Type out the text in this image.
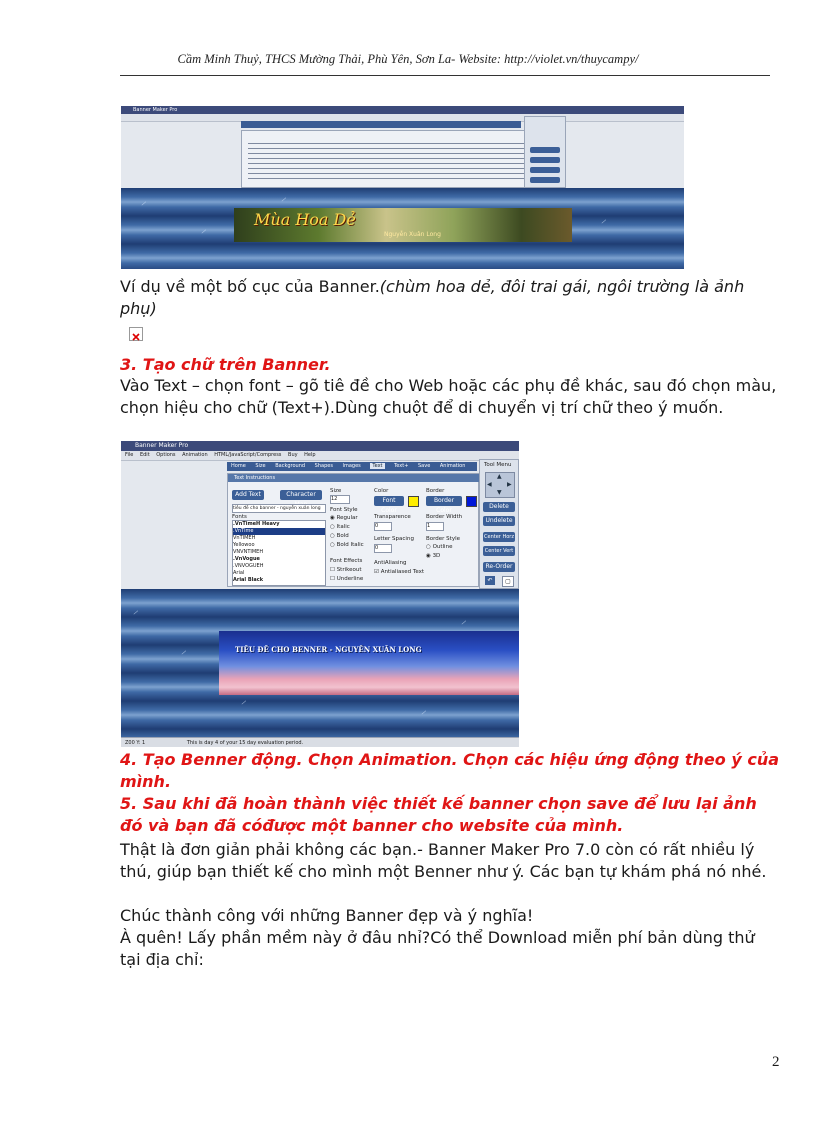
Cầm Minh Thuỷ, THCS Mường Thải, Phù Yên, Sơn La- Website: http://violet.vn/thuycampy/
Banner Maker Pro
—
—
—
—
Mùa Hoa Dẻ
Nguyễn Xuân Long
Ví dụ về một bố cục của Banner.(chùm hoa dẻ, đôi trai gái, ngôi trường là ảnh phụ)
3. Tạo chữ trên Banner.
Vào Text – chọn font – gõ tiê đề cho Web hoặc các phụ đề khác, sau đó chọn màu, chọn hiệu cho chữ (Text+).Dùng chuột để di chuyển vị trí chữ theo ý muốn.
Banner Maker Pro
File Edit Options Animation HTML/JavaScript/Compress Buy Help
Home Size Background Shapes Images Text Text+ Save Animation
Text Instructions
Add Text	Character
tiêu đề cho banner - nguyễn xuân long
Fonts
.VnTimeH Heavy
.VnTime
VnTIMEH
Yellowoo
VNVNTIMEH
.VnVogue
.VNVOGUEH
Arial
Arial Black
Size
12
Font Style
◉ Regular
○ Italic
○ Bold
○ Bold Italic
Font Effects
☐ Strikeout
☐ Underline
Color
Font Color
Transparence
0
Letter Spacing
0
AntiAliasing
☑ Antialiased Text
Border
Border Color
Border Width
1
Border Style
○ Outline
◉ 3D
Tool Menu
▲
◀	▶
▼
Delete
Undelete
Center Horz
Center Vert
Re-Order
↶	▢
—
—
—
—
—
TIÊU ĐỀ CHO BENNER - NGUYỄN XUÂN LONG
Z00 Y: 1	This is day 4 of your 15 day evaluation period.
4. Tạo Benner động. Chọn Animation. Chọn các hiệu ứng động theo ý của mình.
5. Sau khi đã hoàn thành việc thiết kế banner chọn save để lưu lại ảnh đó và bạn đã cóđược một banner cho website của mình.
Thật là đơn giản phải không các bạn.- Banner Maker Pro 7.0 còn có rất nhiều lý thú, giúp bạn thiết kế cho mình một Benner như ý. Các bạn tự khám phá nó nhé.
Chúc thành công với những Banner đẹp và ý nghĩa!
À quên! Lấy phần mềm này ở đâu nhỉ?Có thể Download miễn phí bản dùng thử tại địa chỉ:
2
